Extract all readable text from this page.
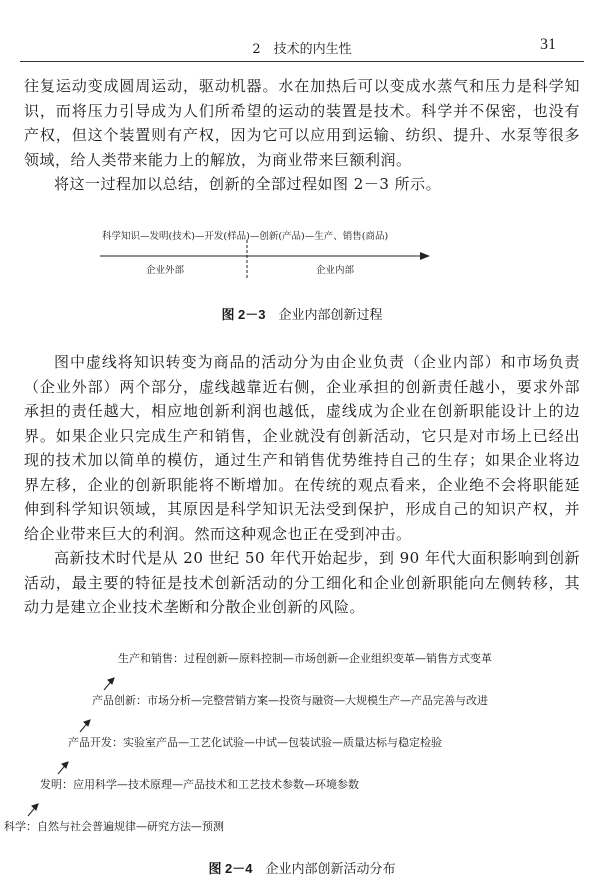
2　技术的内生性	31

往复运动变成圆周运动，驱动机器。水在加热后可以变成水蒸气和压力是科学知识，而将压力引导成为人们所希望的运动的装置是技术。科学并不保密，也没有产权，但这个装置则有产权，因为它可以应用到运输、纺织、提升、水泵等很多领域，给人类带来能力上的解放，为商业带来巨额利润。

将这一过程加以总结，创新的全部过程如图 2－3 所示。

科学知识—发明(技术)—开发(样品)—创新(产品)—生产、销售(商品)
企业外部	企业内部
图 2－3　 企业内部创新过程

图中虚线将知识转变为商品的活动分为由企业负责（企业内部）和市场负责（企业外部）两个部分，虚线越靠近右侧，企业承担的创新责任越小，要求外部承担的责任越大，相应地创新利润也越低，虚线成为企业在创新职能设计上的边界。如果企业只完成生产和销售，企业就没有创新活动，它只是对市场上已经出现的技术加以简单的模仿，通过生产和销售优势维持自己的生存；如果企业将边界左移，企业的创新职能将不断增加。在传统的观点看来，企业绝不会将职能延伸到科学知识领域，其原因是科学知识无法受到保护，形成自己的知识产权，并给企业带来巨大的利润。然而这种观念也正在受到冲击。

高新技术时代是从 20 世纪 50 年代开始起步，到 90 年代大面积影响到创新活动，最主要的特征是技术创新活动的分工细化和企业创新职能向左侧转移，其动力是建立企业技术垄断和分散企业创新的风险。

生产和销售：过程创新—原料控制—市场创新—企业组织变革—销售方式变革
产品创新：市场分析—完整营销方案—投资与融资—大规模生产—产品完善与改进
产品开发：实验室产品—工艺化试验—中试—包装试验—质量达标与稳定检验
发明：应用科学—技术原理—产品技术和工艺技术参数—环境参数
科学：自然与社会普遍规律—研究方法—预测
图 2－4　 企业内部创新活动分布
